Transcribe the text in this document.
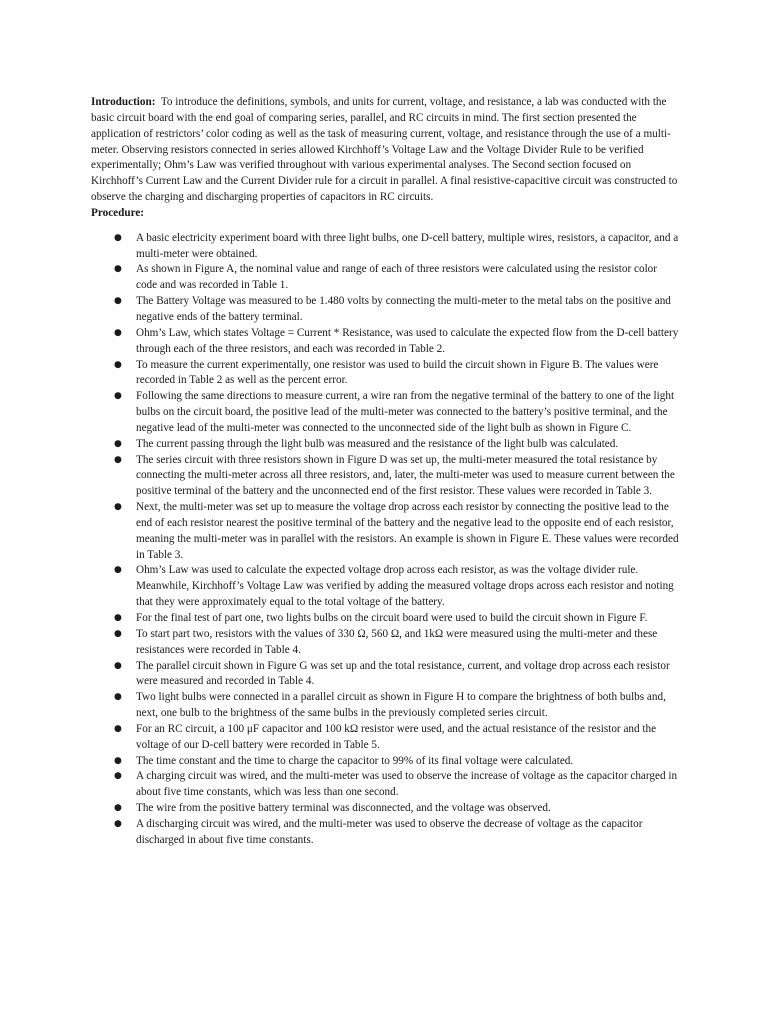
Introduction: To introduce the definitions, symbols, and units for current, voltage, and resistance, a lab was conducted with the basic circuit board with the end goal of comparing series, parallel, and RC circuits in mind. The first section presented the application of restrictors’ color coding as well as the task of measuring current, voltage, and resistance through the use of a multi-meter. Observing resistors connected in series allowed Kirchhoff’s Voltage Law and the Voltage Divider Rule to be verified experimentally; Ohm’s Law was verified throughout with various experimental analyses. The Second section focused on Kirchhoff’s Current Law and the Current Divider rule for a circuit in parallel. A final resistive-capacitive circuit was constructed to observe the charging and discharging properties of capacitors in RC circuits.

Procedure:

● A basic electricity experiment board with three light bulbs, one D-cell battery, multiple wires, resistors, a capacitor, and a multi-meter were obtained.
● As shown in Figure A, the nominal value and range of each of three resistors were calculated using the resistor color code and was recorded in Table 1.
● The Battery Voltage was measured to be 1.480 volts by connecting the multi-meter to the metal tabs on the positive and negative ends of the battery terminal.
● Ohm’s Law, which states Voltage = Current * Resistance, was used to calculate the expected flow from the D-cell battery through each of the three resistors, and each was recorded in Table 2.
● To measure the current experimentally, one resistor was used to build the circuit shown in Figure B. The values were recorded in Table 2 as well as the percent error.
● Following the same directions to measure current, a wire ran from the negative terminal of the battery to one of the light bulbs on the circuit board, the positive lead of the multi-meter was connected to the battery’s positive terminal, and the negative lead of the multi-meter was connected to the unconnected side of the light bulb as shown in Figure C.
● The current passing through the light bulb was measured and the resistance of the light bulb was calculated.
● The series circuit with three resistors shown in Figure D was set up, the multi-meter measured the total resistance by connecting the multi-meter across all three resistors, and, later, the multi-meter was used to measure current between the positive terminal of the battery and the unconnected end of the first resistor. These values were recorded in Table 3.
● Next, the multi-meter was set up to measure the voltage drop across each resistor by connecting the positive lead to the end of each resistor nearest the positive terminal of the battery and the negative lead to the opposite end of each resistor, meaning the multi-meter was in parallel with the resistors. An example is shown in Figure E. These values were recorded in Table 3.
● Ohm’s Law was used to calculate the expected voltage drop across each resistor, as was the voltage divider rule. Meanwhile, Kirchhoff’s Voltage Law was verified by adding the measured voltage drops across each resistor and noting that they were approximately equal to the total voltage of the battery.
● For the final test of part one, two lights bulbs on the circuit board were used to build the circuit shown in Figure F.
● To start part two, resistors with the values of 330 Ω, 560 Ω, and 1kΩ were measured using the multi-meter and these resistances were recorded in Table 4.
● The parallel circuit shown in Figure G was set up and the total resistance, current, and voltage drop across each resistor were measured and recorded in Table 4.
● Two light bulbs were connected in a parallel circuit as shown in Figure H to compare the brightness of both bulbs and, next, one bulb to the brightness of the same bulbs in the previously completed series circuit.
● For an RC circuit, a 100 μF capacitor and 100 kΩ resistor were used, and the actual resistance of the resistor and the voltage of our D-cell battery were recorded in Table 5.
● The time constant and the time to charge the capacitor to 99% of its final voltage were calculated.
● A charging circuit was wired, and the multi-meter was used to observe the increase of voltage as the capacitor charged in about five time constants, which was less than one second.
● The wire from the positive battery terminal was disconnected, and the voltage was observed.
● A discharging circuit was wired, and the multi-meter was used to observe the decrease of voltage as the capacitor discharged in about five time constants.
